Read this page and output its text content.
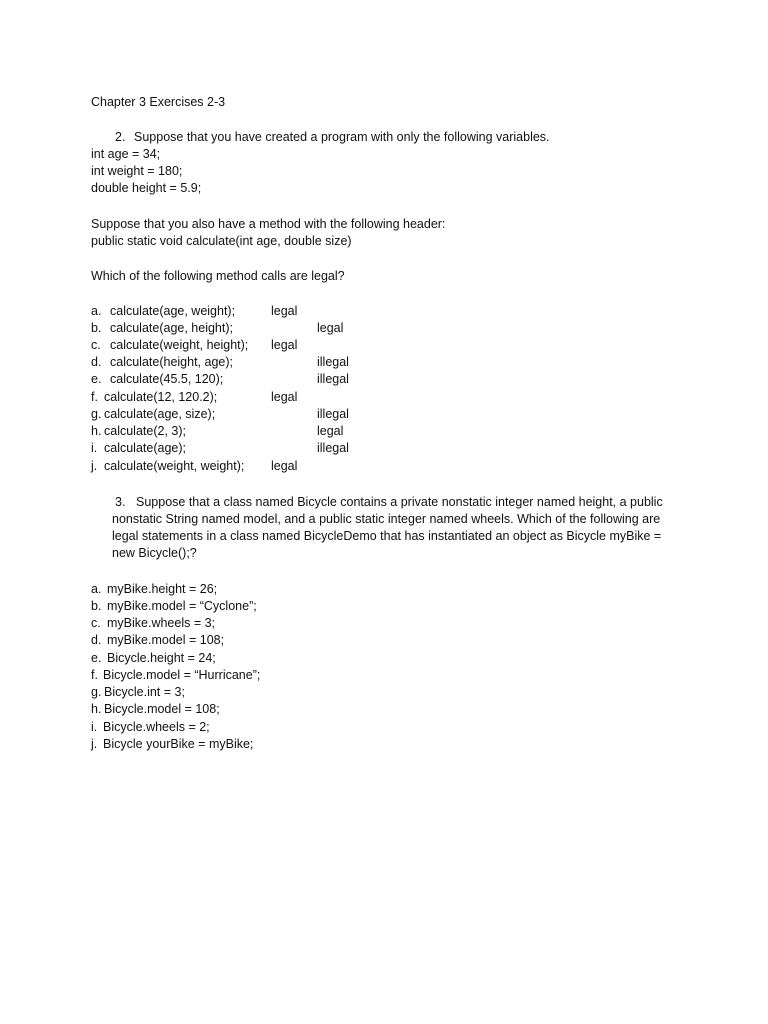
Chapter 3 Exercises 2-3
2. Suppose that you have created a program with only the following variables.
int age = 34;
int weight = 180;
double height = 5.9;
Suppose that you also have a method with the following header:
public static void calculate(int age, double size)
Which of the following method calls are legal?
a. calculate(age, weight);	legal
b. calculate(age, height);	legal
c. calculate(weight, height); legal
d. calculate(height, age);	illegal
e. calculate(45.5, 120);	illegal
f. calculate(12, 120.2);	legal
g. calculate(age, size);	illegal
h. calculate(2, 3);	legal
i. calculate(age);	illegal
j. calculate(weight, weight); legal
3. Suppose that a class named Bicycle contains a private nonstatic integer named height, a public
nonstatic String named model, and a public static integer named wheels. Which of the following are
legal statements in a class named BicycleDemo that has instantiated an object as Bicycle myBike =
new Bicycle();?
a. myBike.height = 26;
b. myBike.model = “Cyclone”;
c. myBike.wheels = 3;
d. myBike.model = 108;
e. Bicycle.height = 24;
f. Bicycle.model = “Hurricane”;
g. Bicycle.int = 3;
h. Bicycle.model = 108;
i. Bicycle.wheels = 2;
j. Bicycle yourBike = myBike;
